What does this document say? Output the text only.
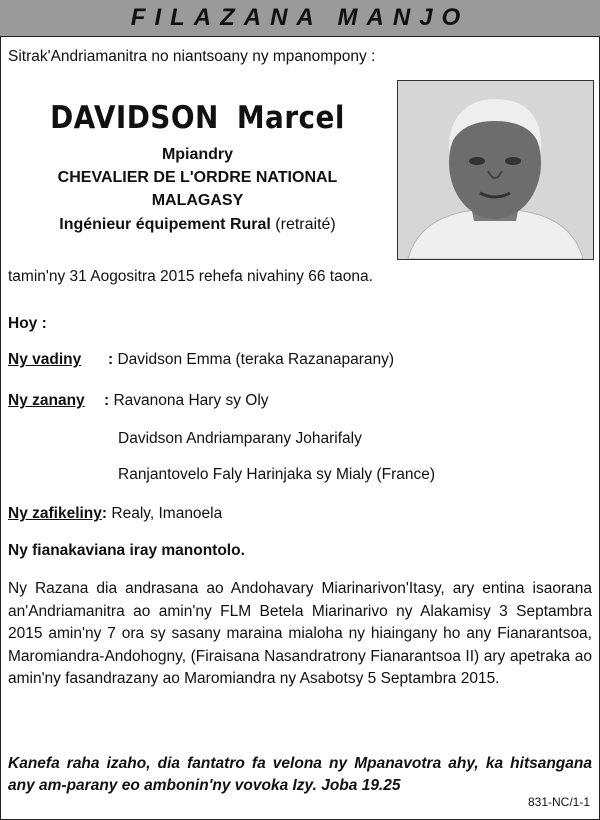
FILAZANA MANJO
Sitrak'Andriamanitra no niantsoany ny mpanompony :
DAVIDSON Marcel
Mpiandry
CHEVALIER DE L'ORDRE NATIONAL
MALAGASY
Ingénieur équipement Rural (retraité)
tamin'ny 31 Aogositra 2015 rehefa nivahiny 66 taona.
Hoy :
Ny vadiny : Davidson Emma (teraka Razanaparany)
Ny zanany : Ravanona Hary sy Oly
Davidson Andriamparany Joharifaly
Ranjantovelo Faly Harinjaka sy Mialy (France)
Ny zafikeliny: Realy, Imanoela
Ny fianakaviana iray manontolo.
Ny Razana dia andrasana ao Andohavary Miarinarivon'Itasy, ary entina isaorana an'Andriamanitra ao amin'ny FLM Betela Miarinarivo ny Alakamisy 3 Septambra 2015 amin'ny 7 ora sy sasany maraina mialoha ny hiaingany ho any Fianarantsoa, Maromiandra-Andohogny, (Firaisana Nasandratrony Fianarantsoa II) ary apetraka ao amin'ny fasandrazany ao Maromiandra ny Asabotsy 5 Septambra 2015.
Kanefa raha izaho, dia fantatro fa velona ny Mpanavotra ahy, ka hitsangana any am-parany eo ambonin'ny vovoka Izy. Joba 19.25
831-NC/1-1
